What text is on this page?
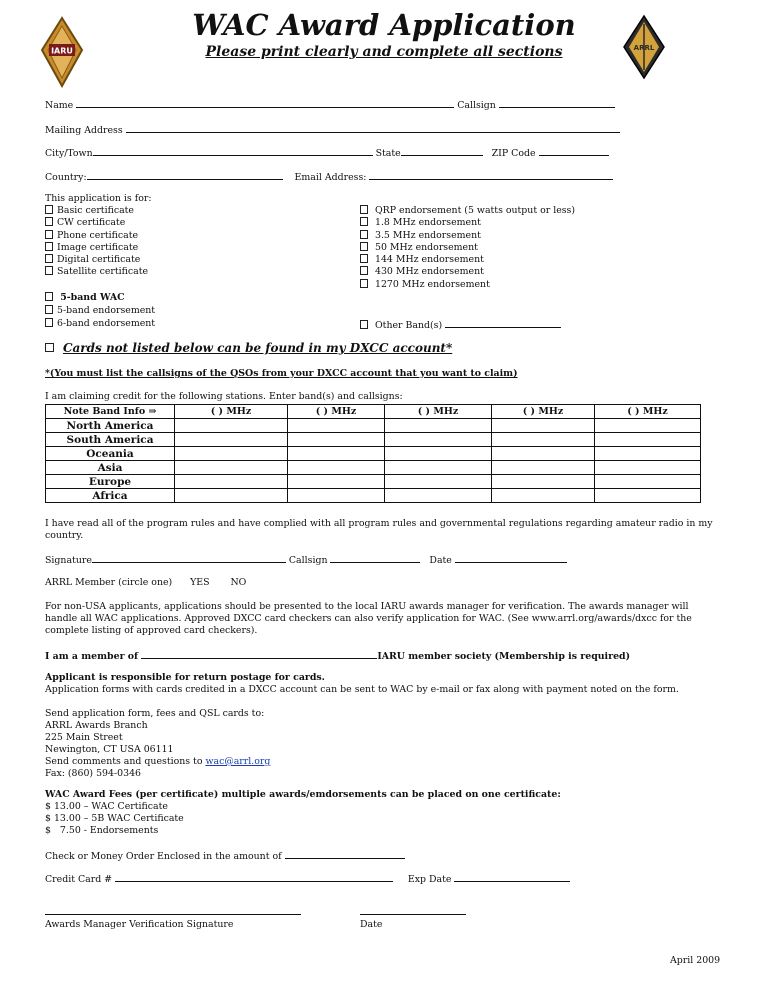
IARU	ARRL
WAC Award Application
Please print clearly and complete all sections
Name	Callsign
Mailing Address
City/Town	State	ZIP Code
Country:	Email Address:
This application is for:
Basic certificate
CW certificate
Phone certificate
Image certificate
Digital certificate
Satellite certificate
QRP endorsement (5 watts output or less)
1.8 MHz endorsement
3.5 MHz endorsement
50 MHz endorsement
144 MHz endorsement
430 MHz endorsement
1270 MHz endorsement
5-band WAC
5-band endorsement
6-band endorsement	Other Band(s)
Cards not listed below can be found in my DXCC account*
*(You must list the callsigns of the QSOs from your DXCC account that you want to claim)
I am claiming credit for the following stations. Enter band(s) and callsigns:
Note Band Info ⇒	( ) MHz	( ) MHz	( ) MHz	( ) MHz	( ) MHz
North America					
South America					
Oceania					
Asia					
Europe					
Africa					
I have read all of the program rules and have complied with all program rules and governmental regulations regarding amateur radio in my country.
Signature	Callsign	Date
ARRL Member (circle one) YES NO
For non-USA applicants, applications should be presented to the local IARU awards manager for verification. The awards manager will handle all WAC applications. Approved DXCC card checkers can also verify application for WAC. (See www.arrl.org/awards/dxcc for the complete listing of approved card checkers).
I am a member of	IARU member society (Membership is required)
Applicant is responsible for return postage for cards.
Application forms with cards credited in a DXCC account can be sent to WAC by e-mail or fax along with payment noted on the form.
Send application form, fees and QSL cards to:
ARRL Awards Branch
225 Main Street
Newington, CT USA 06111
Send comments and questions to wac@arrl.org
Fax: (860) 594-0346
WAC Award Fees (per certificate) multiple awards/emdorsements can be placed on one certificate:
$ 13.00 – WAC Certificate
$ 13.00 – 5B WAC Certificate
$   7.50 - Endorsements
Check or Money Order Enclosed in the amount of
Credit Card #	Exp Date
Awards Manager Verification Signature	Date
April 2009
